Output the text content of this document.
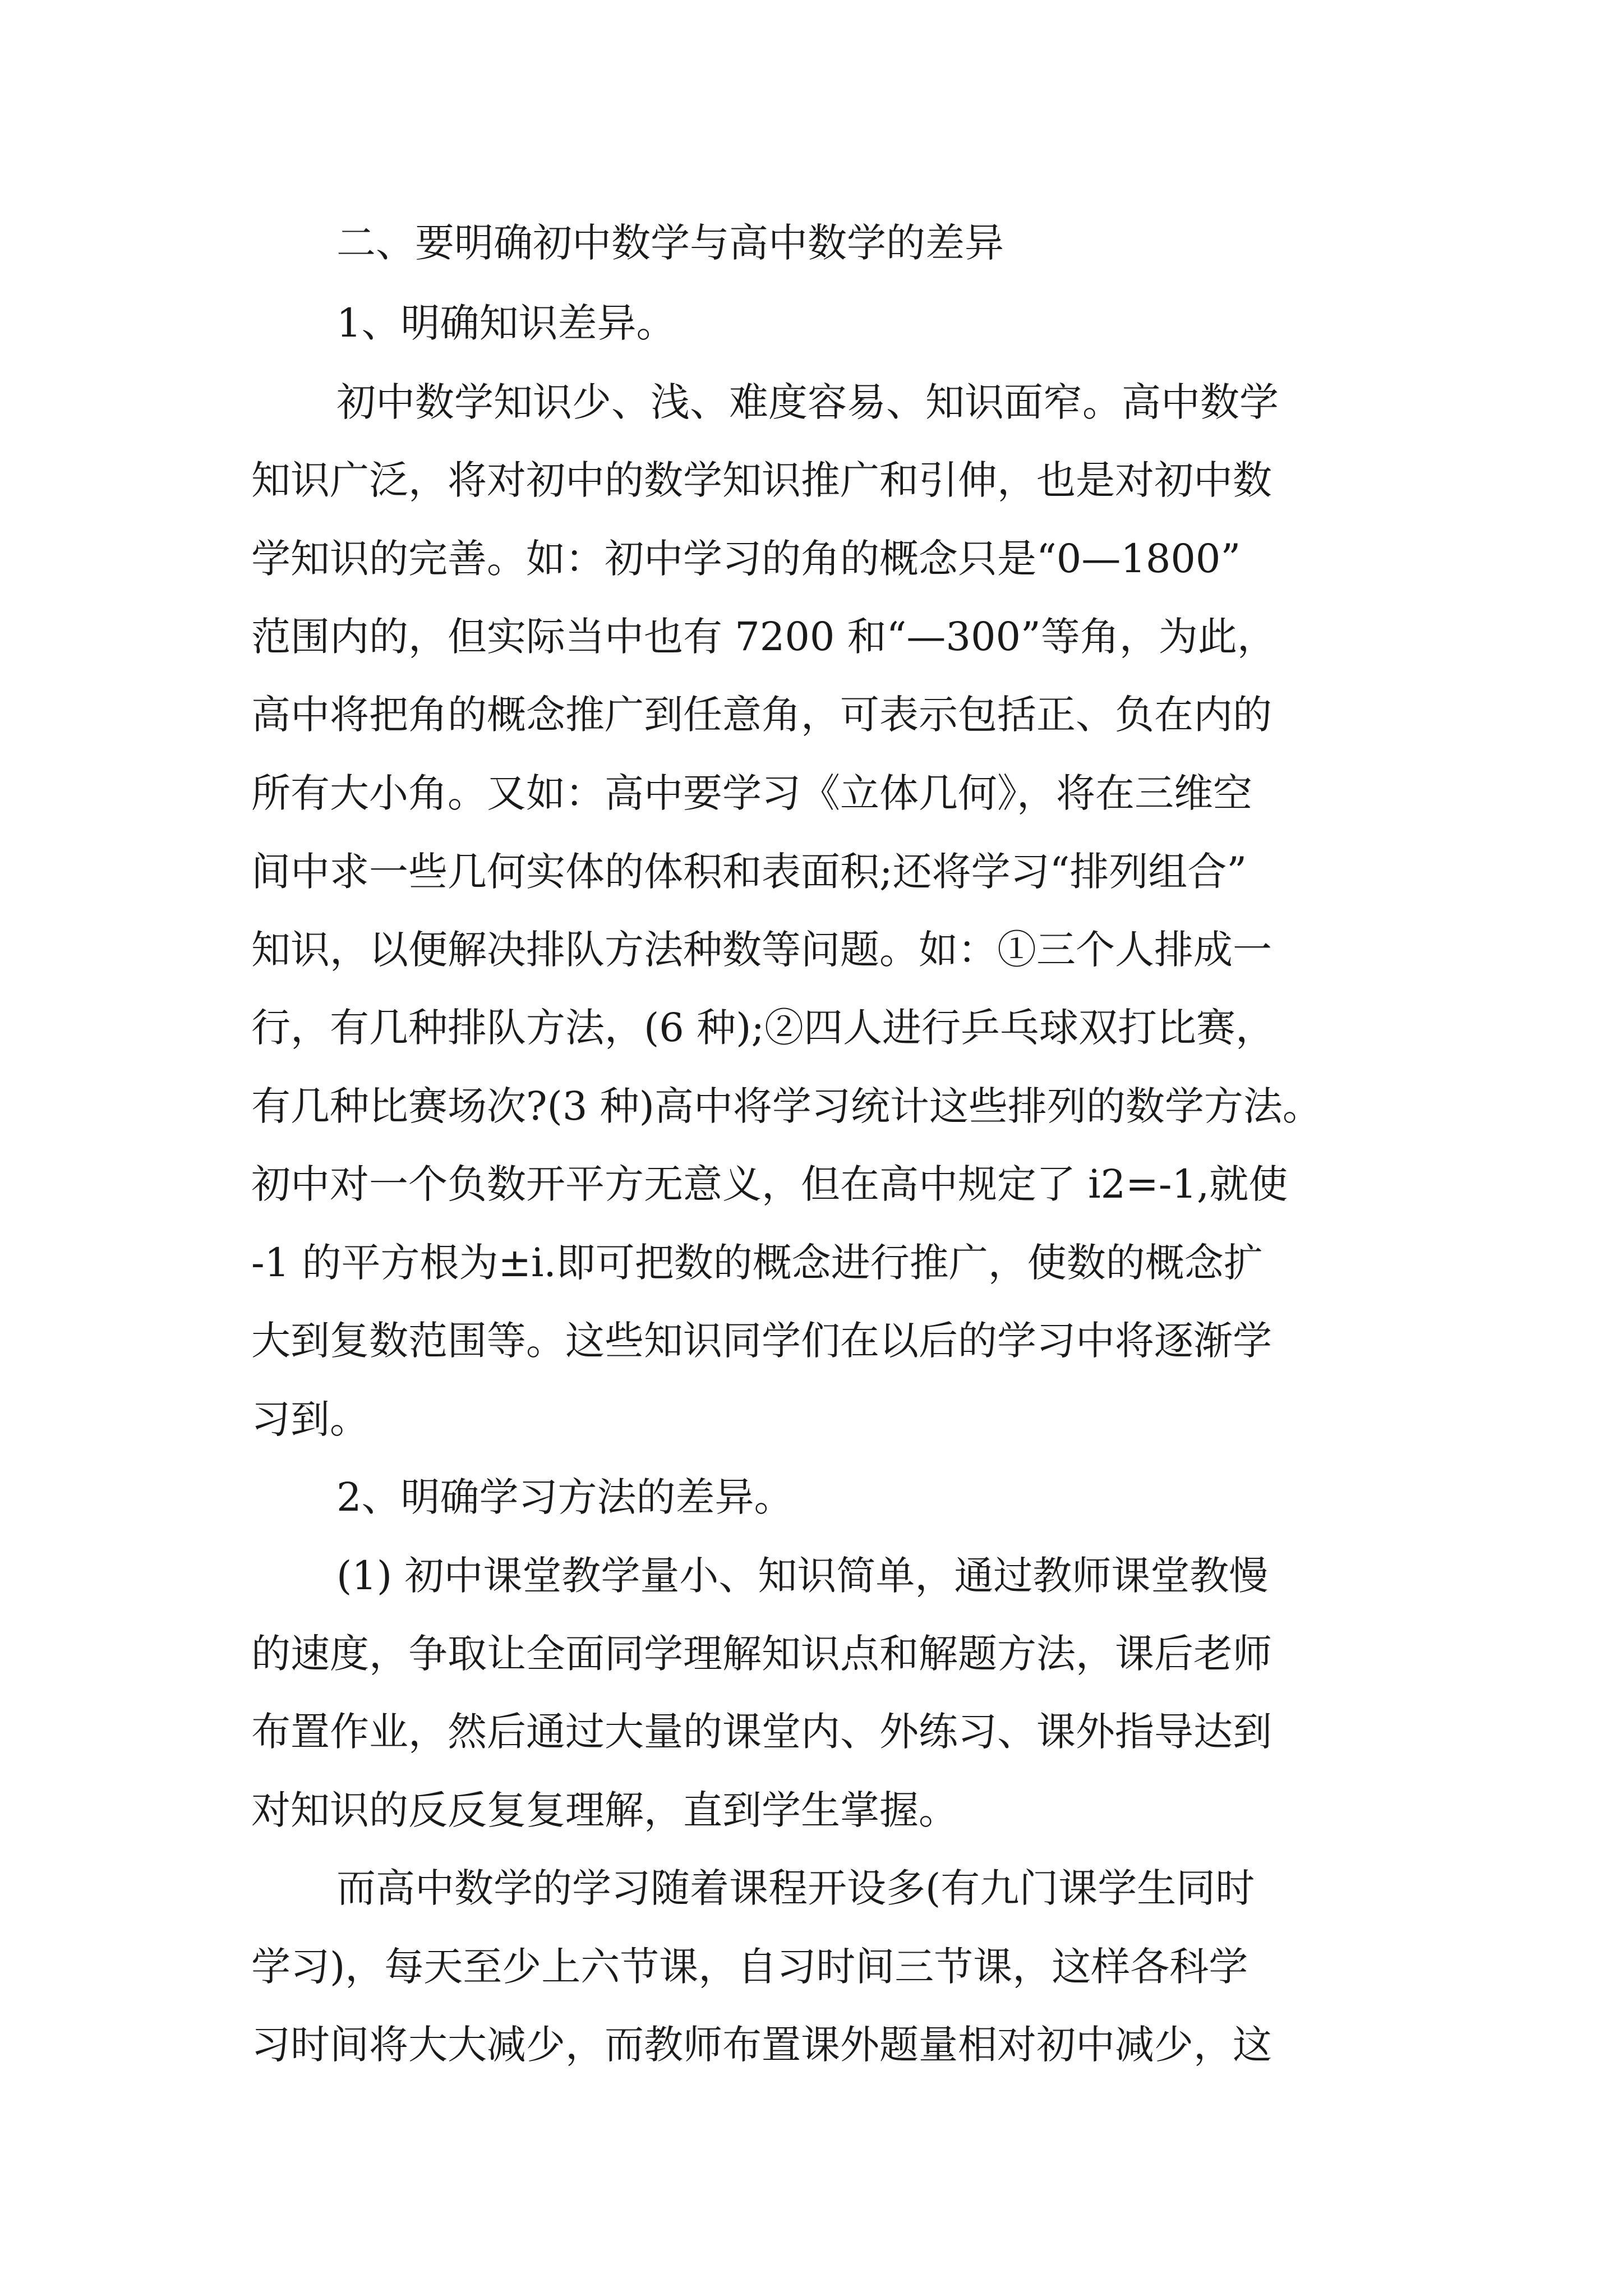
二、要明确初中数学与高中数学的差异

1、明确知识差异。

初中数学知识少、浅、难度容易、知识面窄。高中数学

知识广泛，将对初中的数学知识推广和引伸，也是对初中数

学知识的完善。如：初中学习的角的概念只是“0—1800”

范围内的，但实际当中也有 7200 和“—300”等角，为此，

高中将把角的概念推广到任意角，可表示包括正、负在内的

所有大小角。又如：高中要学习《立体几何》，将在三维空

间中求一些几何实体的体积和表面积;还将学习“排列组合”

知识，以便解决排队方法种数等问题。如：①三个人排成一

行，有几种排队方法，(6 种);②四人进行乒乓球双打比赛，

有几种比赛场次?(3 种)高中将学习统计这些排列的数学方法。

初中对一个负数开平方无意义，但在高中规定了 i2=-1,就使

-1 的平方根为±i.即可把数的概念进行推广，使数的概念扩

大到复数范围等。这些知识同学们在以后的学习中将逐渐学

习到。

2、明确学习方法的差异。

(1) 初中课堂教学量小、知识简单，通过教师课堂教慢

的速度，争取让全面同学理解知识点和解题方法，课后老师

布置作业，然后通过大量的课堂内、外练习、课外指导达到

对知识的反反复复理解，直到学生掌握。

而高中数学的学习随着课程开设多(有九门课学生同时

学习)，每天至少上六节课，自习时间三节课，这样各科学

习时间将大大减少，而教师布置课外题量相对初中减少，这
